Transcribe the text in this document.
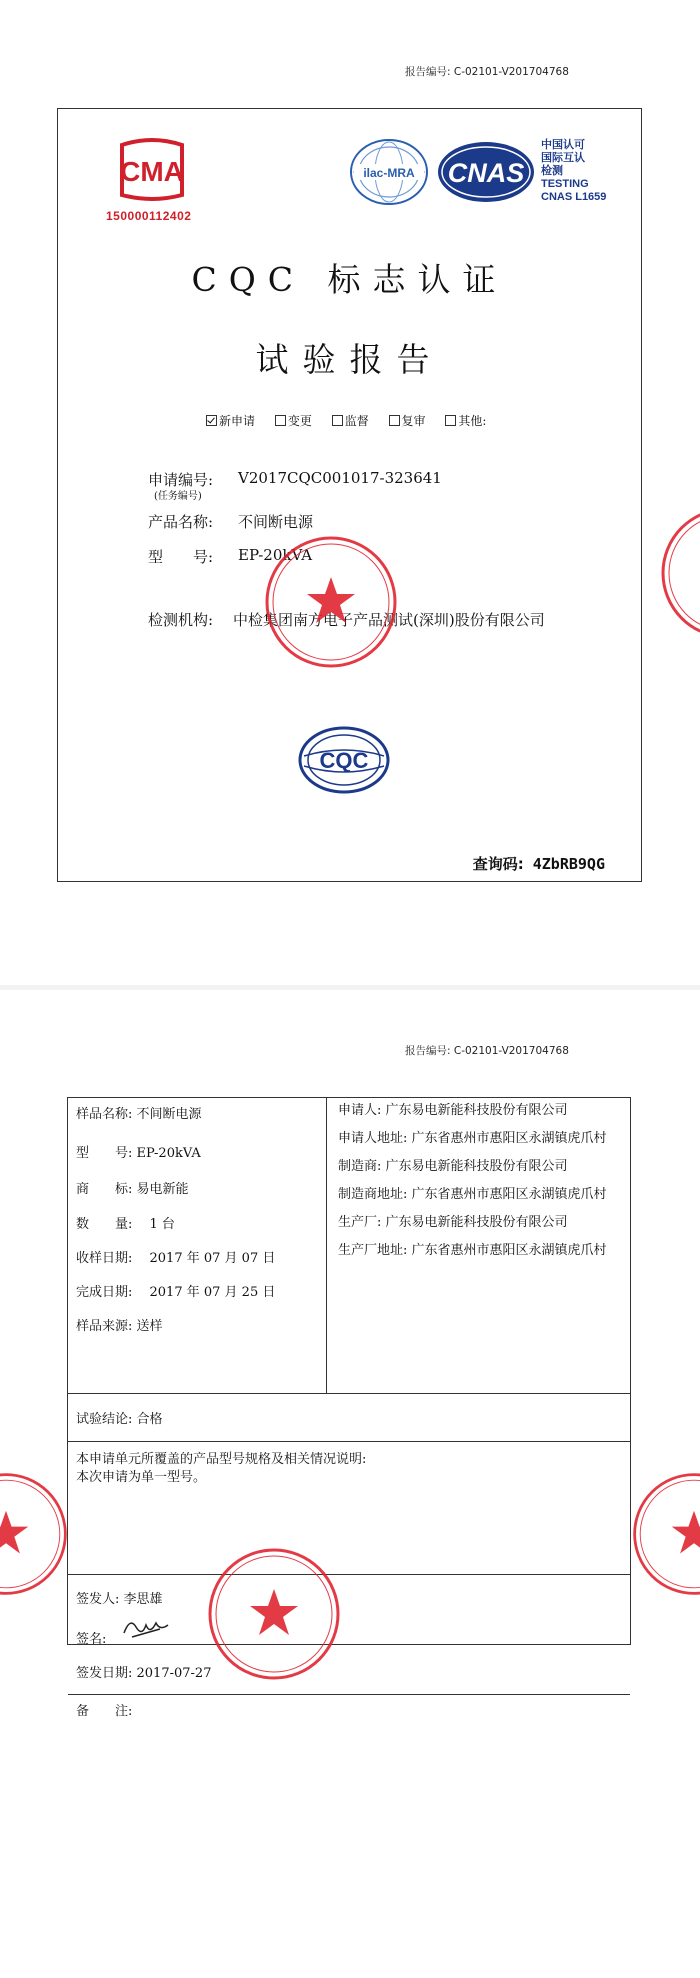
报告编号: C-02101-V201704768
CMA
150000112402
ilac-MRA CNAS
中国认可
国际互认
检测
TESTING
CNAS L1659
CQC 标志认证
试验报告
新申请	变更	监督	复审	其他:
申请编号: V2017CQC001017-323641
(任务编号)
产品名称: 不间断电源
型　　号: EP-20kVA
检测机构: 中检集团南方电子产品测试(深圳)股份有限公司
CQC
查询码: 4ZbRB9QG
报告编号: C-02101-V201704768
样品名称: 不间断电源
型　　号: EP-20kVA
商　　标: 易电新能
数　　量: 　1 台
收样日期: 　2017 年 07 月 07 日
完成日期: 　2017 年 07 月 25 日
样品来源: 送样
申请人: 广东易电新能科技股份有限公司
申请人地址: 广东省惠州市惠阳区永湖镇虎爪村
制造商: 广东易电新能科技股份有限公司
制造商地址: 广东省惠州市惠阳区永湖镇虎爪村
生产厂: 广东易电新能科技股份有限公司
生产厂地址: 广东省惠州市惠阳区永湖镇虎爪村
试验结论: 合格
本申请单元所覆盖的产品型号规格及相关情况说明:
本次申请为单一型号。
签发人: 李思雄
签名:
签发日期: 2017-07-27
备　　注:
